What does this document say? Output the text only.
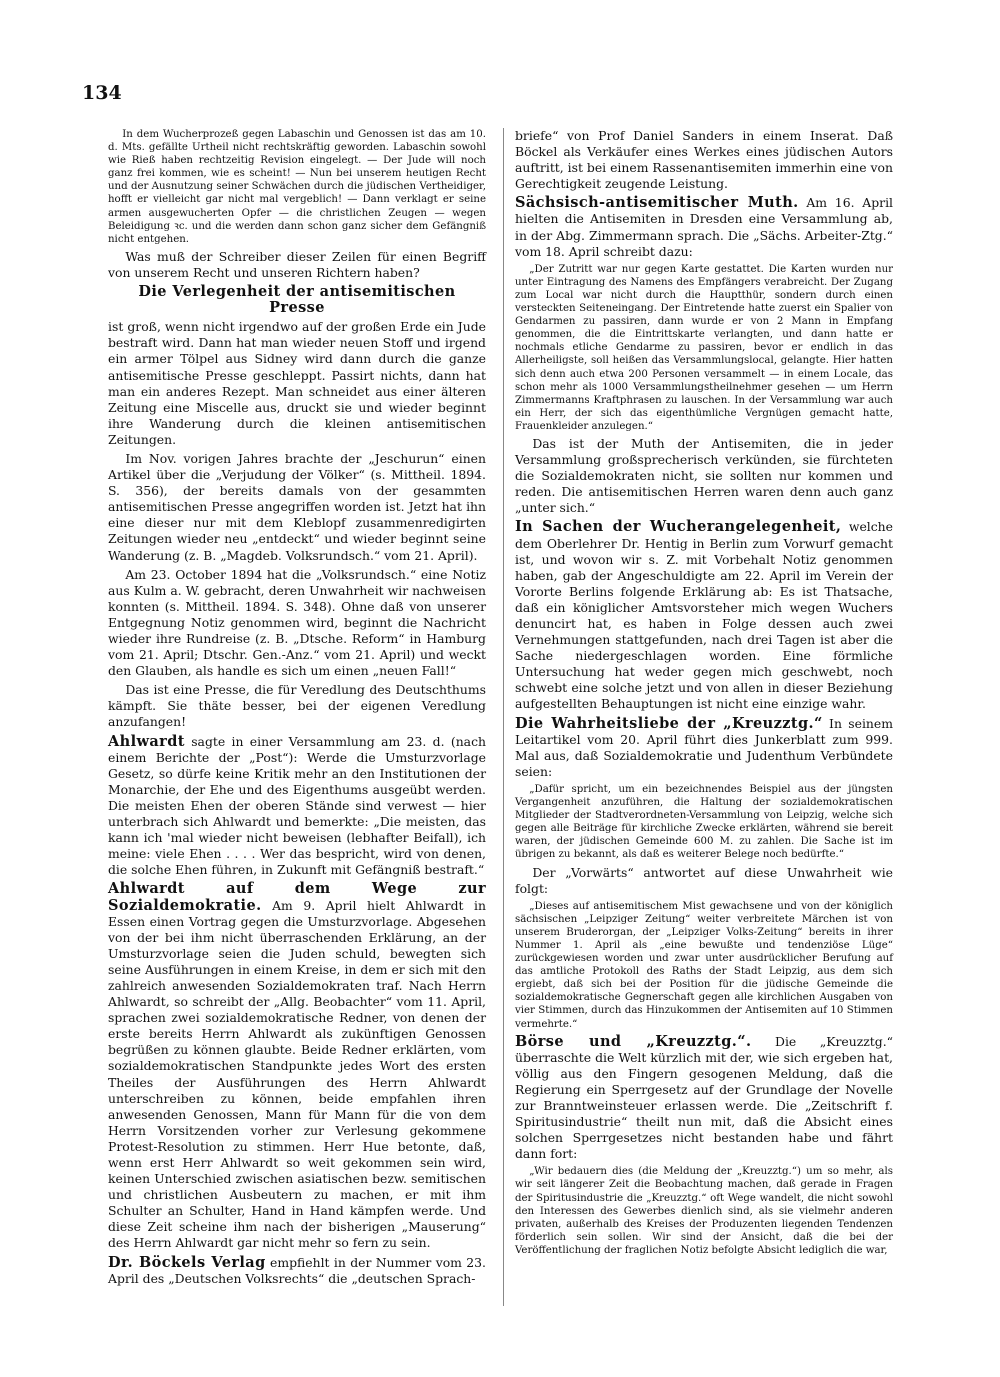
134

In dem Wucherprozeß gegen Labaschin und Genossen ist das am 10. d. Mts. gefällte Urtheil nicht rechtskräftig geworden. Labaschin sowohl wie Rieß haben rechtzeitig Revision eingelegt. — Der Jude will noch ganz frei kommen, wie es scheint! — Nun bei unserem heutigen Recht und der Ausnutzung seiner Schwächen durch die jüdischen Vertheidiger, hofft er vielleicht gar nicht mal vergeblich! — Dann verklagt er seine armen ausgewucherten Opfer — die christlichen Zeugen — wegen Beleidigung ꝛc. und die werden dann schon ganz sicher dem Gefängniß nicht entgehen.

Was muß der Schreiber dieser Zeilen für einen Begriff von unserem Recht und unseren Richtern haben?

Die Verlegenheit der antisemitischen Presse

ist groß, wenn nicht irgendwo auf der großen Erde ein Jude bestraft wird. Dann hat man wieder neuen Stoff und irgend ein armer Tölpel aus Sidney wird dann durch die ganze antisemitische Presse geschleppt. Passirt nichts, dann hat man ein anderes Rezept. Man schneidet aus einer älteren Zeitung eine Miscelle aus, druckt sie und wieder beginnt ihre Wanderung durch die kleinen antisemitischen Zeitungen.

Im Nov. vorigen Jahres brachte der „Jeschurun“ einen Artikel über die „Verjudung der Völker“ (s. Mittheil. 1894. S. 356), der bereits damals von der gesammten antisemitischen Presse angegriffen worden ist. Jetzt hat ihn eine dieser nur mit dem Kleblopf zusammenredigirten Zeitungen wieder neu „entdeckt“ und wieder beginnt seine Wanderung (z. B. „Magdeb. Volksrundsch.“ vom 21. April).

Am 23. October 1894 hat die „Volksrundsch.“ eine Notiz aus Kulm a. W. gebracht, deren Unwahrheit wir nachweisen konnten (s. Mittheil. 1894. S. 348). Ohne daß von unserer Entgegnung Notiz genommen wird, beginnt die Nachricht wieder ihre Rundreise (z. B. „Dtsche. Reform“ in Hamburg vom 21. April; Dtschr. Gen.-Anz.“ vom 21. April) und weckt den Glauben, als handle es sich um einen „neuen Fall!“

Das ist eine Presse, die für Veredlung des Deutschthums kämpft. Sie thäte besser, bei der eigenen Veredlung anzufangen!

Ahlwardt sagte in einer Versammlung am 23. d. (nach einem Berichte der „Post“): Werde die Umsturzvorlage Gesetz, so dürfe keine Kritik mehr an den Institutionen der Monarchie, der Ehe und des Eigenthums ausgeübt werden. Die meisten Ehen der oberen Stände sind verwest — hier unterbrach sich Ahlwardt und bemerkte: „Die meisten, das kann ich 'mal wieder nicht beweisen (lebhafter Beifall), ich meine: viele Ehen . . . . Wer das bespricht, wird von denen, die solche Ehen führen, in Zukunft mit Gefängniß bestraft.“

Ahlwardt auf dem Wege zur Sozialdemokratie. Am 9. April hielt Ahlwardt in Essen einen Vortrag gegen die Umsturzvorlage. Abgesehen von der bei ihm nicht überraschenden Erklärung, an der Umsturzvorlage seien die Juden schuld, bewegten sich seine Ausführungen in einem Kreise, in dem er sich mit den zahlreich anwesenden Sozialdemokraten traf. Nach Herrn Ahlwardt, so schreibt der „Allg. Beobachter“ vom 11. April, sprachen zwei sozialdemokratische Redner, von denen der erste bereits Herrn Ahlwardt als zukünftigen Genossen begrüßen zu können glaubte. Beide Redner erklärten, vom sozialdemokratischen Standpunkte jedes Wort des ersten Theiles der Ausführungen des Herrn Ahlwardt unterschreiben zu können, beide empfahlen ihren anwesenden Genossen, Mann für Mann für die von dem Herrn Vorsitzenden vorher zur Verlesung gekommene Protest-Resolution zu stimmen. Herr Hue betonte, daß, wenn erst Herr Ahlwardt so weit gekommen sein wird, keinen Unterschied zwischen asiatischen bezw. semitischen und christlichen Ausbeutern zu machen, er mit ihm Schulter an Schulter, Hand in Hand kämpfen werde. Und diese Zeit scheine ihm nach der bisherigen „Mauserung“ des Herrn Ahlwardt gar nicht mehr so fern zu sein.

Dr. Böckels Verlag empfiehlt in der Nummer vom 23. April des „Deutschen Volksrechts“ die „deutschen Sprach-

briefe“ von Prof Daniel Sanders in einem Inserat. Daß Böckel als Verkäufer eines Werkes eines jüdischen Autors auftritt, ist bei einem Rassenantisemiten immerhin eine von Gerechtigkeit zeugende Leistung.

Sächsisch-antisemitischer Muth. Am 16. April hielten die Antisemiten in Dresden eine Versammlung ab, in der Abg. Zimmermann sprach. Die „Sächs. Arbeiter-Ztg.“ vom 18. April schreibt dazu:

„Der Zutritt war nur gegen Karte gestattet. Die Karten wurden nur unter Eintragung des Namens des Empfängers verabreicht. Der Zugang zum Local war nicht durch die Hauptthür, sondern durch einen versteckten Seiteneingang. Der Eintretende hatte zuerst ein Spalier von Gendarmen zu passiren, dann wurde er von 2 Mann in Empfang genommen, die die Eintrittskarte verlangten, und dann hatte er nochmals etliche Gendarme zu passiren, bevor er endlich in das Allerheiligste, soll heißen das Versammlungslocal, gelangte. Hier hatten sich denn auch etwa 200 Personen versammelt — in einem Locale, das schon mehr als 1000 Versammlungstheilnehmer gesehen — um Herrn Zimmermanns Kraftphrasen zu lauschen. In der Versammlung war auch ein Herr, der sich das eigenthümliche Vergnügen gemacht hatte, Frauenkleider anzulegen.“

Das ist der Muth der Antisemiten, die in jeder Versammlung großsprecherisch verkünden, sie fürchteten die Sozialdemokraten nicht, sie sollten nur kommen und reden. Die antisemitischen Herren waren denn auch ganz „unter sich.“

In Sachen der Wucherangelegenheit, welche dem Oberlehrer Dr. Hentig in Berlin zum Vorwurf gemacht ist, und wovon wir s. Z. mit Vorbehalt Notiz genommen haben, gab der Angeschuldigte am 22. April im Verein der Vororte Berlins folgende Erklärung ab: Es ist Thatsache, daß ein königlicher Amtsvorsteher mich wegen Wuchers denuncirt hat, es haben in Folge dessen auch zwei Vernehmungen stattgefunden, nach drei Tagen ist aber die Sache niedergeschlagen worden. Eine förmliche Untersuchung hat weder gegen mich geschwebt, noch schwebt eine solche jetzt und von allen in dieser Beziehung aufgestellten Behauptungen ist nicht eine einzige wahr.

Die Wahrheitsliebe der „Kreuzztg.“ In seinem Leitartikel vom 20. April führt dies Junkerblatt zum 999. Mal aus, daß Sozialdemokratie und Judenthum Verbündete seien:

„Dafür spricht, um ein bezeichnendes Beispiel aus der jüngsten Vergangenheit anzuführen, die Haltung der sozialdemokratischen Mitglieder der Stadtverordneten-Versammlung von Leipzig, welche sich gegen alle Beiträge für kirchliche Zwecke erklärten, während sie bereit waren, der jüdischen Gemeinde 600 M. zu zahlen. Die Sache ist im übrigen zu bekannt, als daß es weiterer Belege noch bedürfte.“

Der „Vorwärts“ antwortet auf diese Unwahrheit wie folgt:

„Dieses auf antisemitischem Mist gewachsene und von der königlich sächsischen „Leipziger Zeitung“ weiter verbreitete Märchen ist von unserem Bruderorgan, der „Leipziger Volks-Zeitung“ bereits in ihrer Nummer 1. April als „eine bewußte und tendenziöse Lüge“ zurückgewiesen worden und zwar unter ausdrücklicher Berufung auf das amtliche Protokoll des Raths der Stadt Leipzig, aus dem sich ergiebt, daß sich bei der Position für die jüdische Gemeinde die sozialdemokratische Gegnerschaft gegen alle kirchlichen Ausgaben von vier Stimmen, durch das Hinzukommen der Antisemiten auf 10 Stimmen vermehrte.“

Börse und „Kreuzztg.“. Die „Kreuzztg.“ überraschte die Welt kürzlich mit der, wie sich ergeben hat, völlig aus den Fingern gesogenen Meldung, daß die Regierung ein Sperrgesetz auf der Grundlage der Novelle zur Branntweinsteuer erlassen werde. Die „Zeitschrift f. Spiritusindustrie“ theilt nun mit, daß die Absicht eines solchen Sperrgesetzes nicht bestanden habe und fährt dann fort:

„Wir bedauern dies (die Meldung der „Kreuzztg.“) um so mehr, als wir seit längerer Zeit die Beobachtung machen, daß gerade in Fragen der Spiritusindustrie die „Kreuzztg.“ oft Wege wandelt, die nicht sowohl den Interessen des Gewerbes dienlich sind, als sie vielmehr anderen privaten, außerhalb des Kreises der Produzenten liegenden Tendenzen förderlich sein sollen. Wir sind der Ansicht, daß die bei der Veröffentlichung der fraglichen Notiz befolgte Absicht lediglich die war,
